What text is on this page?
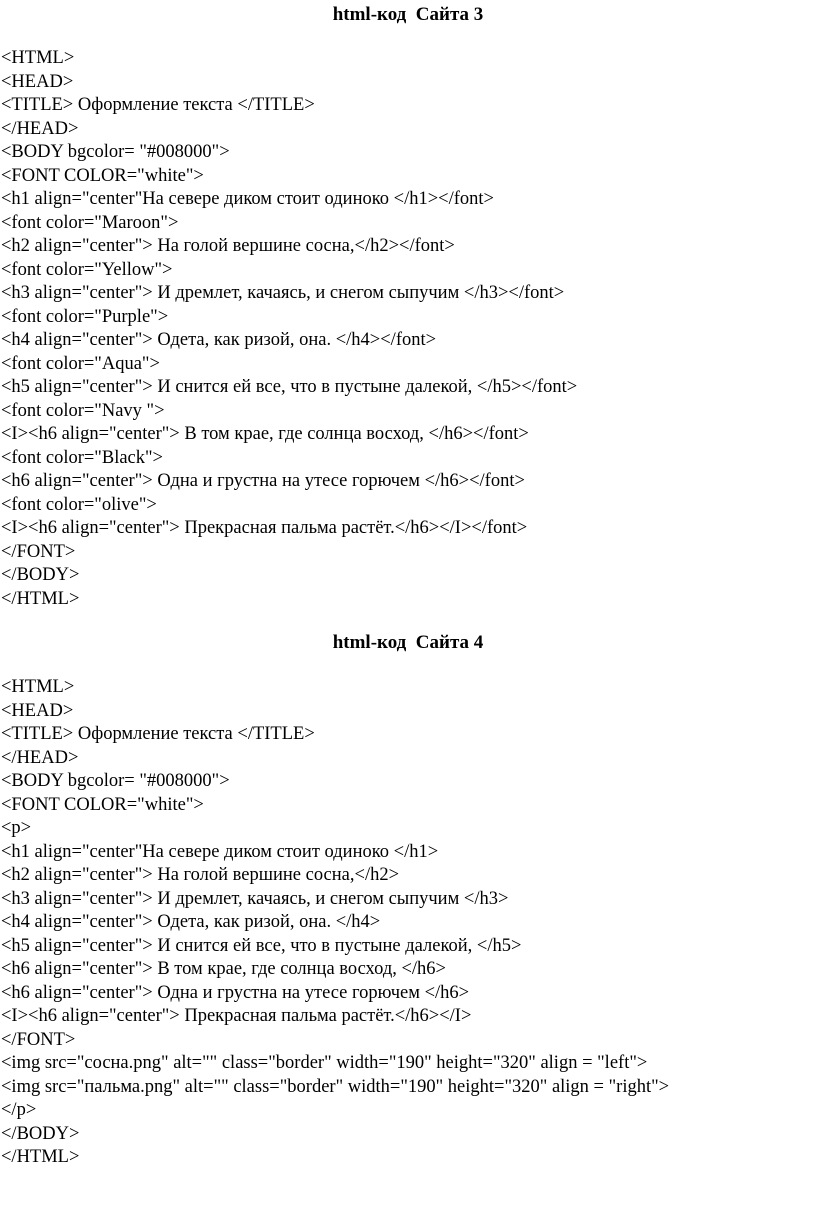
html-код  Сайта 3
<HTML>
<HEAD>
<TITLE> Оформление текста </TITLE>
</HEAD>
<BODY bgcolor= "#008000">
<FONT COLOR="white">
<h1 align="center"На севере диком стоит одиноко </h1></font>
<font color="Maroon">
<h2 align="center"> На голой вершине сосна,</h2></font>
<font color="Yellow">
<h3 align="center"> И дремлет, качаясь, и снегом сыпучим </h3></font>
<font color="Purple">
<h4 align="center"> Одета, как ризой, она. </h4></font>
<font color="Aqua">
<h5 align="center"> И снится ей все, что в пустыне далекой, </h5></font>
<font color="Navy ">
<I><h6 align="center"> В том крае, где солнца восход, </h6></font>
<font color="Black">
<h6 align="center"> Одна и грустна на утесе горючем </h6></font>
<font color="olive">
<I><h6 align="center"> Прекрасная пальма растёт.</h6></I></font>
</FONT>
</BODY>
</HTML>
html-код  Сайта 4
<HTML>
<HEAD>
<TITLE> Оформление текста </TITLE>
</HEAD>
<BODY bgcolor= "#008000">
<FONT COLOR="white">
<p>
<h1 align="center"На севере диком стоит одиноко </h1>
<h2 align="center"> На голой вершине сосна,</h2>
<h3 align="center"> И дремлет, качаясь, и снегом сыпучим </h3>
<h4 align="center"> Одета, как ризой, она. </h4>
<h5 align="center"> И снится ей все, что в пустыне далекой, </h5>
<h6 align="center"> В том крае, где солнца восход, </h6>
<h6 align="center"> Одна и грустна на утесе горючем </h6>
<I><h6 align="center"> Прекрасная пальма растёт.</h6></I>
</FONT>
<img src="сосна.png" alt="" class="border" width="190" height="320" align = "left">
<img src="пальма.png" alt="" class="border" width="190" height="320" align = "right">
</p>
</BODY>
</HTML>
